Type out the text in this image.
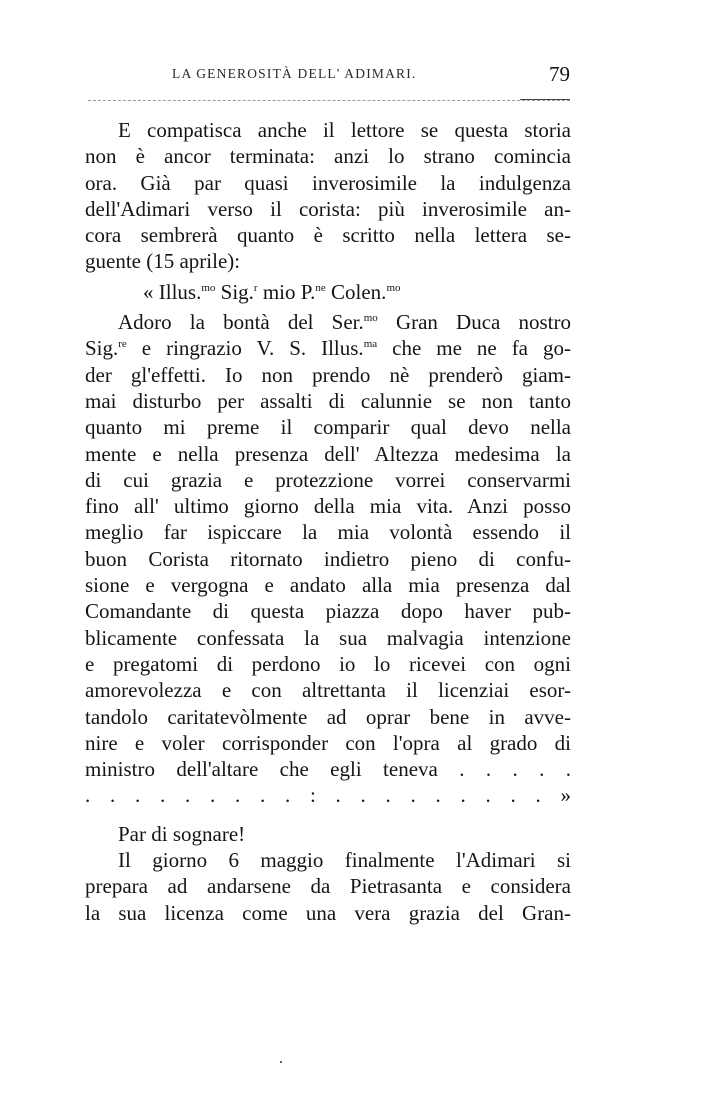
LA GENEROSITÀ DELL' ADIMARI.	79
E compatisca anche il lettore se questa storia
non è ancor terminata: anzi lo strano comincia
ora. Già par quasi inverosimile la indulgenza
dell'Adimari verso il corista: più inverosimile an-
cora sembrerà quanto è scritto nella lettera se-
guente (15 aprile):
« Illus.$^{mo}$ Sig.$^r$ mio P.$^{ne}$ Colen.$^{mo}$
Adoro la bontà del Ser.$^{mo}$ Gran Duca nostro
Sig.$^{re}$ e ringrazio V. S. Illus.$^{ma}$ che me ne fa go-
der gl'effetti. Io non prendo nè prenderò giam-
mai disturbo per assalti di calunnie se non tanto
quanto mi preme il comparir qual devo nella
mente e nella presenza dell' Altezza medesima la
di cui grazia e protezzione vorrei conservarmi
fino all' ultimo giorno della mia vita. Anzi posso
meglio far ispiccare la mia volontà essendo il
buon Corista ritornato indietro pieno di confu-
sione e vergogna e andato alla mia presenza dal
Comandante di questa piazza dopo haver pub-
blicamente confessata la sua malvagia intenzione
e pregatomi di perdono io lo ricevei con ogni
amorevolezza e con altrettanta il licenziai esor-
tandolo caritatevòlmente ad oprar bene in avve-
nire e voler corrisponder con l'opra al grado di
ministro dell'altare che egli teneva . . . . .
. . . . . . . . . : . . . . . . . . . »
Par di sognare!
Il giorno 6 maggio finalmente l'Adimari si
prepara ad andarsene da Pietrasanta e considera
la sua licenza come una vera grazia del Gran-
